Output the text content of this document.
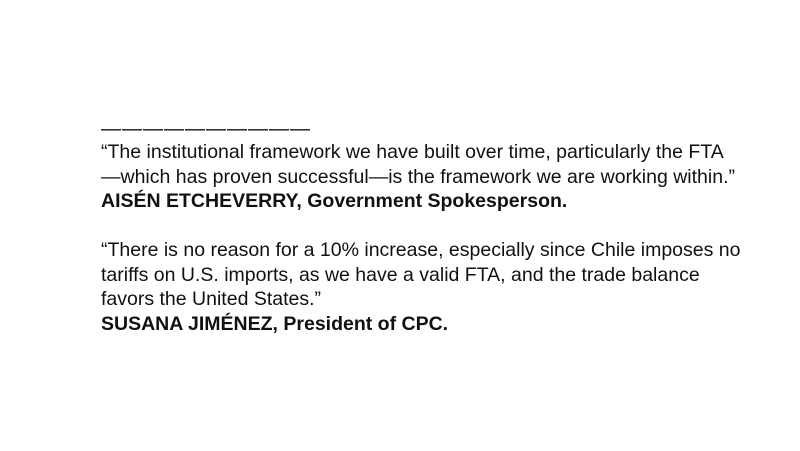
——————————

“The institutional framework we have built over time, particularly the FTA—which has proven successful—is the framework we are working within.”

AISÉN ETCHEVERRY, Government Spokesperson.

“There is no reason for a 10% increase, especially since Chile imposes no tariffs on U.S. imports, as we have a valid FTA, and the trade balance favors the United States.”

SUSANA JIMÉNEZ, President of CPC.
